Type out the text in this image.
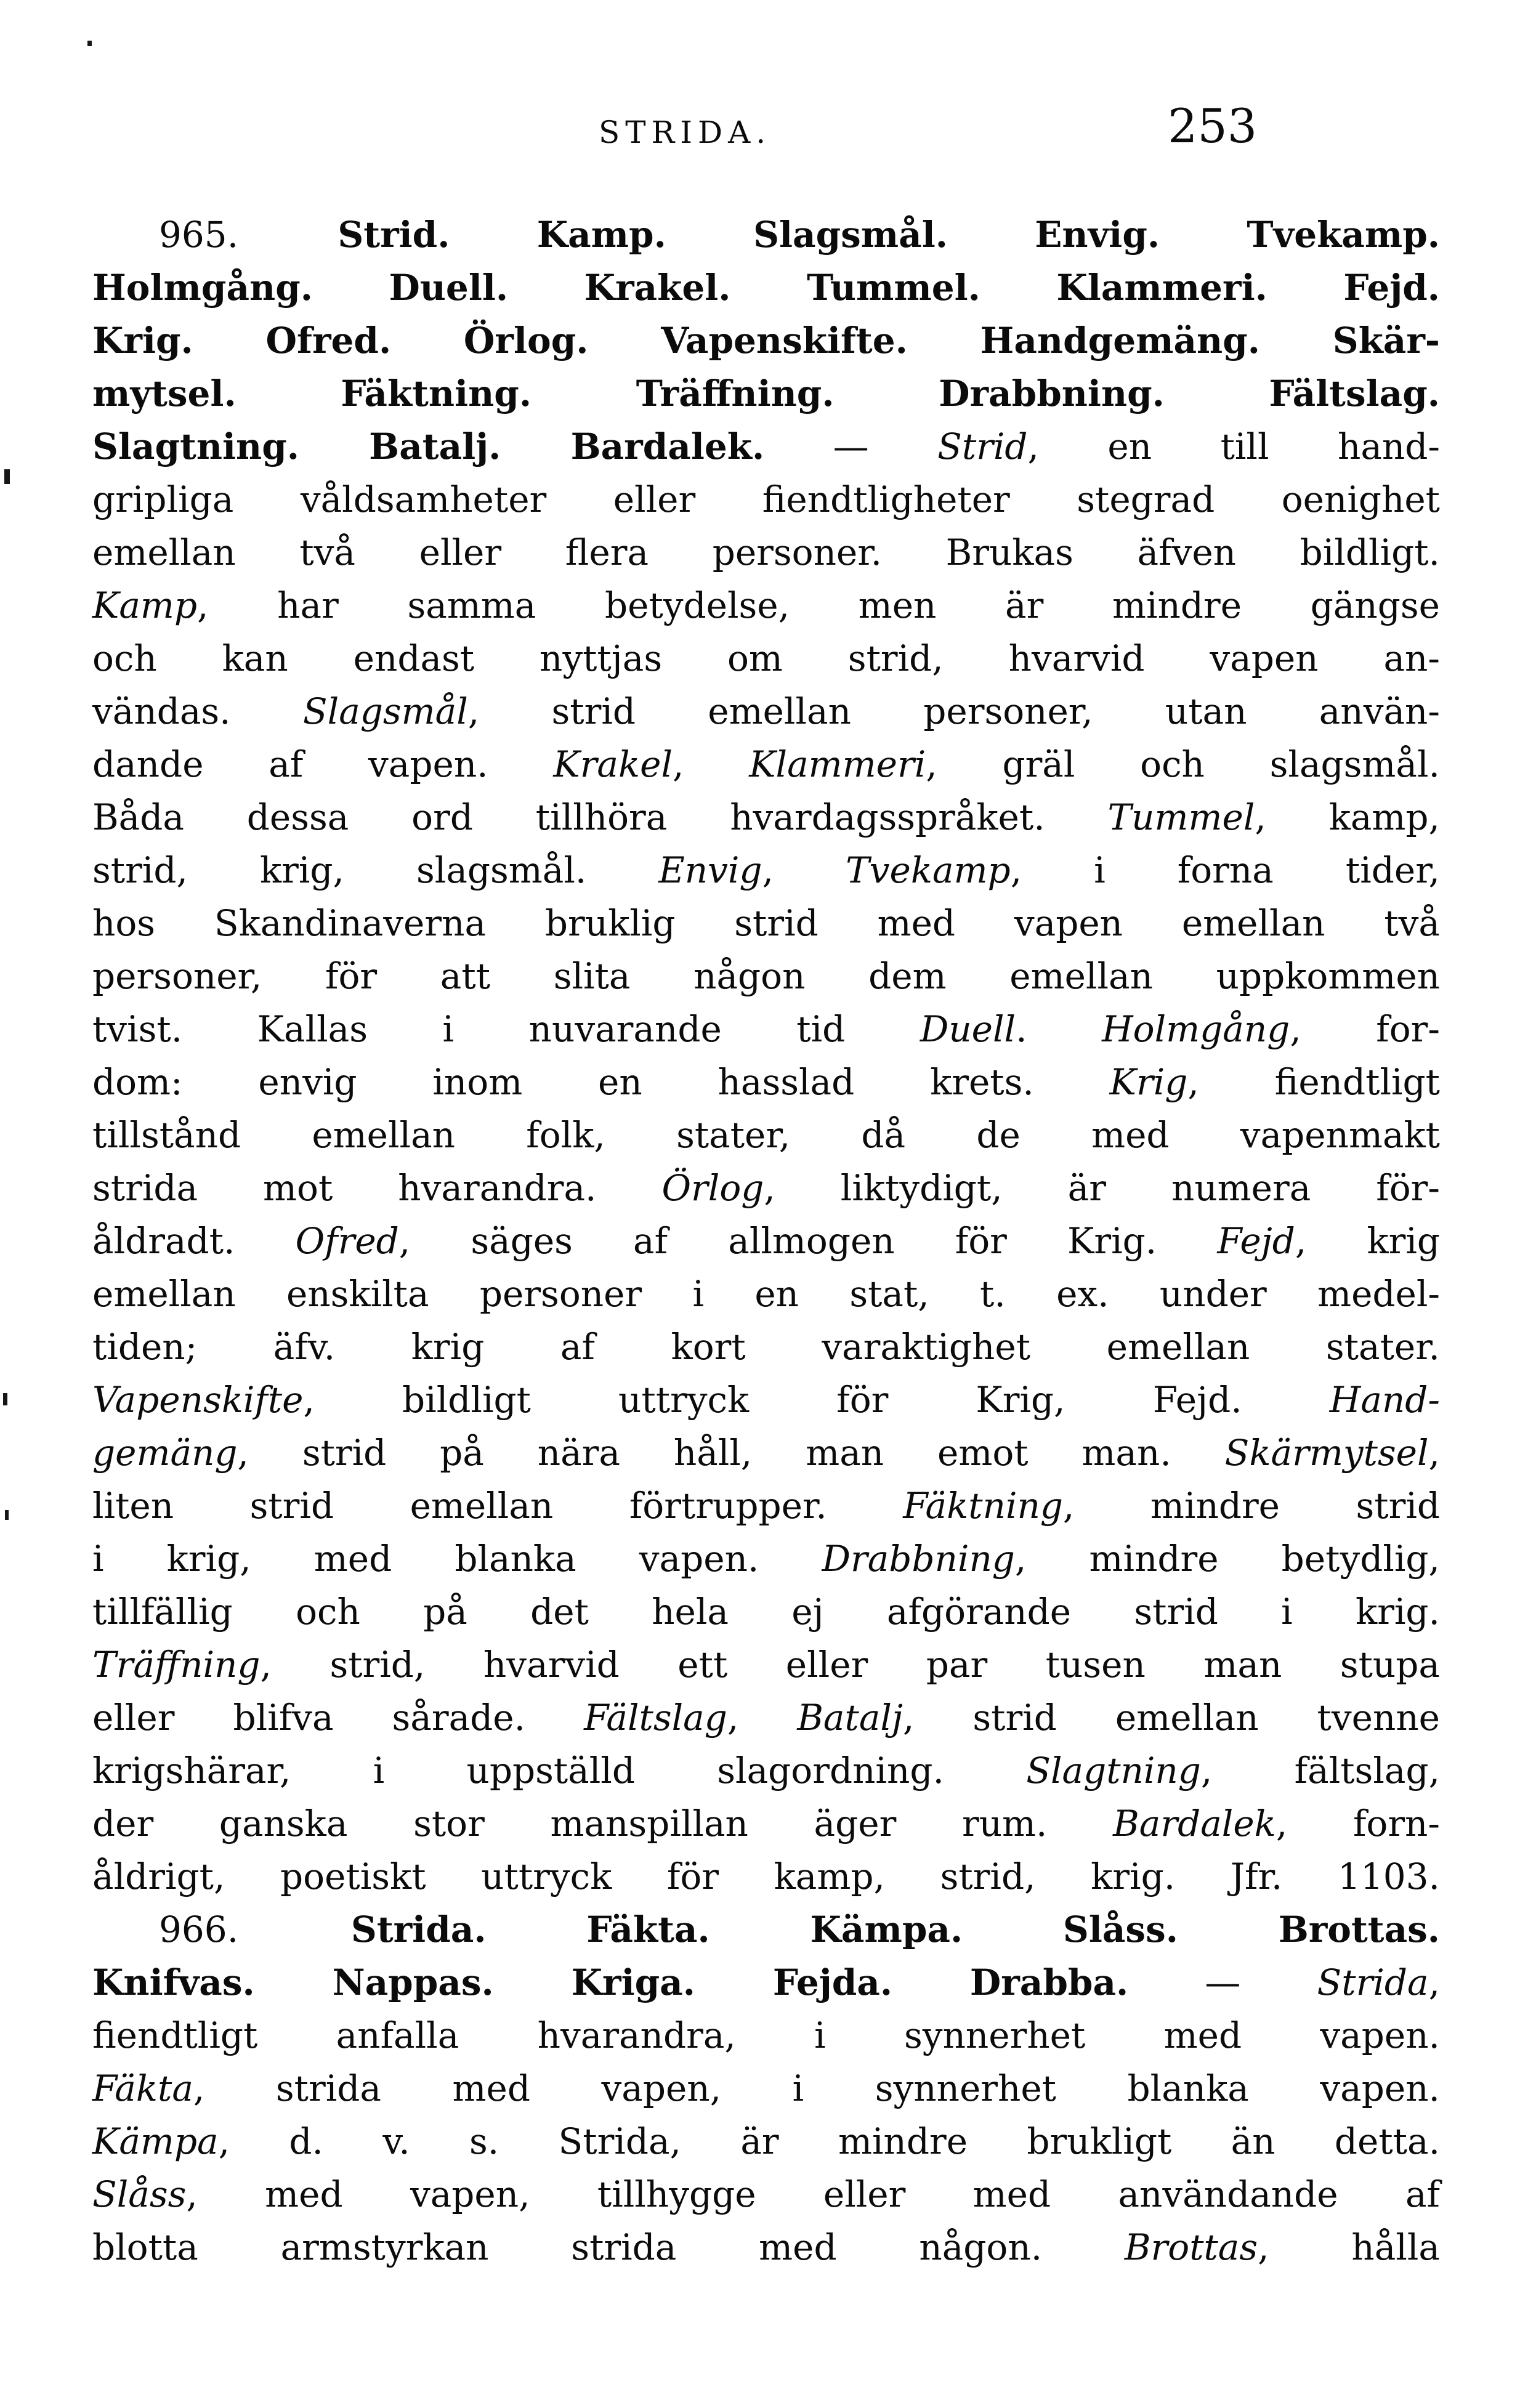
STRIDA.	253
965. Strid. Kamp. Slagsmål. Envig. Tvekamp.
Holmgång. Duell. Krakel. Tummel. Klammeri. Fejd.
Krig. Ofred. Örlog. Vapenskifte. Handgemäng. Skär-
mytsel. Fäktning. Träffning. Drabbning. Fältslag.
Slagtning. Batalj. Bardalek. — Strid, en till hand-
gripliga våldsamheter eller fiendtligheter stegrad oenighet
emellan två eller flera personer. Brukas äfven bildligt.
Kamp, har samma betydelse, men är mindre gängse
och kan endast nyttjas om strid, hvarvid vapen an-
vändas. Slagsmål, strid emellan personer, utan använ-
dande af vapen. Krakel, Klammeri, gräl och slagsmål.
Båda dessa ord tillhöra hvardagsspråket. Tummel, kamp,
strid, krig, slagsmål. Envig, Tvekamp, i forna tider,
hos Skandinaverna bruklig strid med vapen emellan två
personer, för att slita någon dem emellan uppkommen
tvist. Kallas i nuvarande tid Duell. Holmgång, for-
dom: envig inom en hasslad krets. Krig, fiendtligt
tillstånd emellan folk, stater, då de med vapenmakt
strida mot hvarandra. Örlog, liktydigt, är numera för-
åldradt. Ofred, säges af allmogen för Krig. Fejd, krig
emellan enskilta personer i en stat, t. ex. under medel-
tiden; äfv. krig af kort varaktighet emellan stater.
Vapenskifte, bildligt uttryck för Krig, Fejd. Hand-
gemäng, strid på nära håll, man emot man. Skärmytsel,
liten strid emellan förtrupper. Fäktning, mindre strid
i krig, med blanka vapen. Drabbning, mindre betydlig,
tillfällig och på det hela ej afgörande strid i krig.
Träffning, strid, hvarvid ett eller par tusen man stupa
eller blifva sårade. Fältslag, Batalj, strid emellan tvenne
krigshärar, i uppställd slagordning. Slagtning, fältslag,
der ganska stor manspillan äger rum. Bardalek, forn-
åldrigt, poetiskt uttryck för kamp, strid, krig. Jfr. 1103.
966. Strida. Fäkta. Kämpa. Slåss. Brottas.
Knifvas. Nappas. Kriga. Fejda. Drabba. — Strida,
fiendtligt anfalla hvarandra, i synnerhet med vapen.
Fäkta, strida med vapen, i synnerhet blanka vapen.
Kämpa, d. v. s. Strida, är mindre brukligt än detta.
Slåss, med vapen, tillhygge eller med användande af
blotta armstyrkan strida med någon. Brottas, hålla
